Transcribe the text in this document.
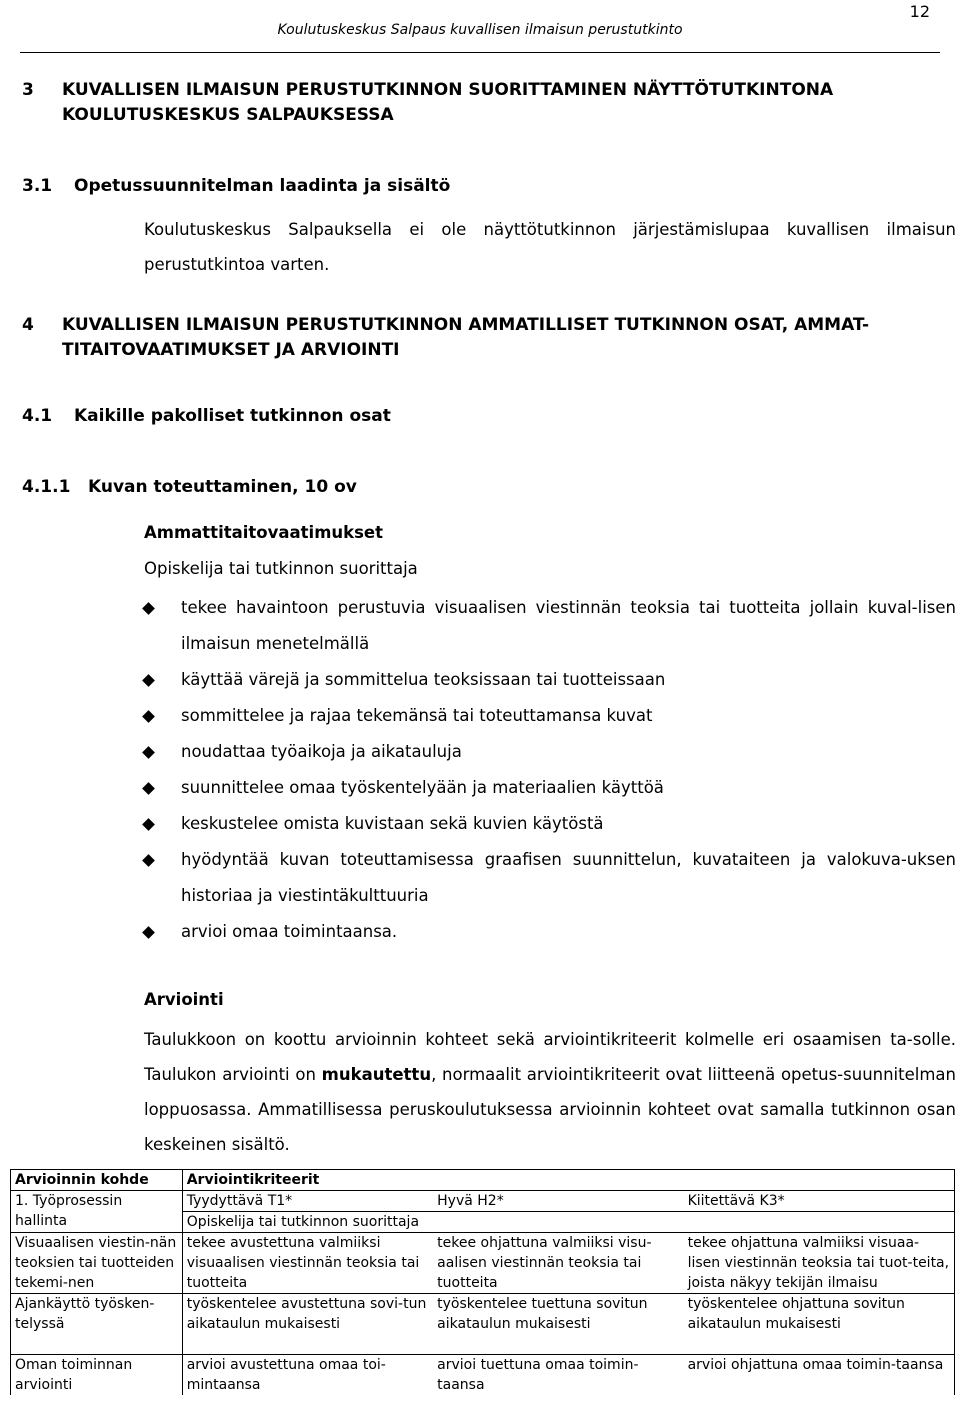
12
Koulutuskeskus Salpaus kuvallisen ilmaisun perustutkinto
3	KUVALLISEN ILMAISUN PERUSTUTKINNON SUORITTAMINEN NÄYTTÖTUTKINTONA KOULUTUSKESKUS SALPAUKSESSA
3.1	Opetussuunnitelman laadinta ja sisältö
Koulutuskeskus Salpauksella ei ole näyttötutkinnon järjestämislupaa kuvallisen ilmaisun perustutkintoa varten.
4	KUVALLISEN ILMAISUN PERUSTUTKINNON AMMATILLISET TUTKINNON OSAT, AMMAT-TITAITOVAATIMUKSET JA ARVIOINTI
4.1	Kaikille pakolliset tutkinnon osat
4.1.1	Kuvan toteuttaminen, 10 ov
Ammattitaitovaatimukset
Opiskelija tai tutkinnon suorittaja
tekee havaintoon perustuvia visuaalisen viestinnän teoksia tai tuotteita jollain kuval-lisen ilmaisun menetelmällä
käyttää värejä ja sommittelua teoksissaan tai tuotteissaan
sommittelee ja rajaa tekemänsä tai toteuttamansa kuvat
noudattaa työaikoja ja aikatauluja
suunnittelee omaa työskentelyään ja materiaalien käyttöä
keskustelee omista kuvistaan sekä kuvien käytöstä
hyödyntää kuvan toteuttamisessa graafisen suunnittelun, kuvataiteen ja valokuva-uksen historiaa ja viestintäkulttuuria
arvioi omaa toimintaansa.
Arviointi
Taulukkoon on koottu arvioinnin kohteet sekä arviointikriteerit kolmelle eri osaamisen ta-solle. Taulukon arviointi on mukautettu, normaalit arviointikriteerit ovat liitteenä opetus-suunnitelman loppuosassa. Ammatillisessa peruskoulutuksessa arvioinnin kohteet ovat samalla tutkinnon osan keskeinen sisältö.
Arvioinnin kohde	Arviointikriteerit		
1. Työprosessin hallinta	Tyydyttävä T1*	Hyvä H2*	Kiitettävä K3*
	Opiskelija tai tutkinnon suorittaja		
Visuaalisen viestin-nän teoksien tai tuotteiden tekemi-nen	tekee avustettuna valmiiksi visuaalisen viestinnän teoksia tai tuotteita	tekee ohjattuna valmiiksi visu-aalisen viestinnän teoksia tai tuotteita	tekee ohjattuna valmiiksi visuaa-lisen viestinnän teoksia tai tuot-teita, joista näkyy tekijän ilmaisu
Ajankäyttö työsken-telyssä	työskentelee avustettuna sovi-tun aikataulun mukaisesti	työskentelee tuettuna sovitun aikataulun mukaisesti	työskentelee ohjattuna sovitun aikataulun mukaisesti
Oman toiminnan arviointi	arvioi avustettuna omaa toi-mintaansa	arvioi tuettuna omaa toimin-taansa	arvioi ohjattuna omaa toimin-taansa
